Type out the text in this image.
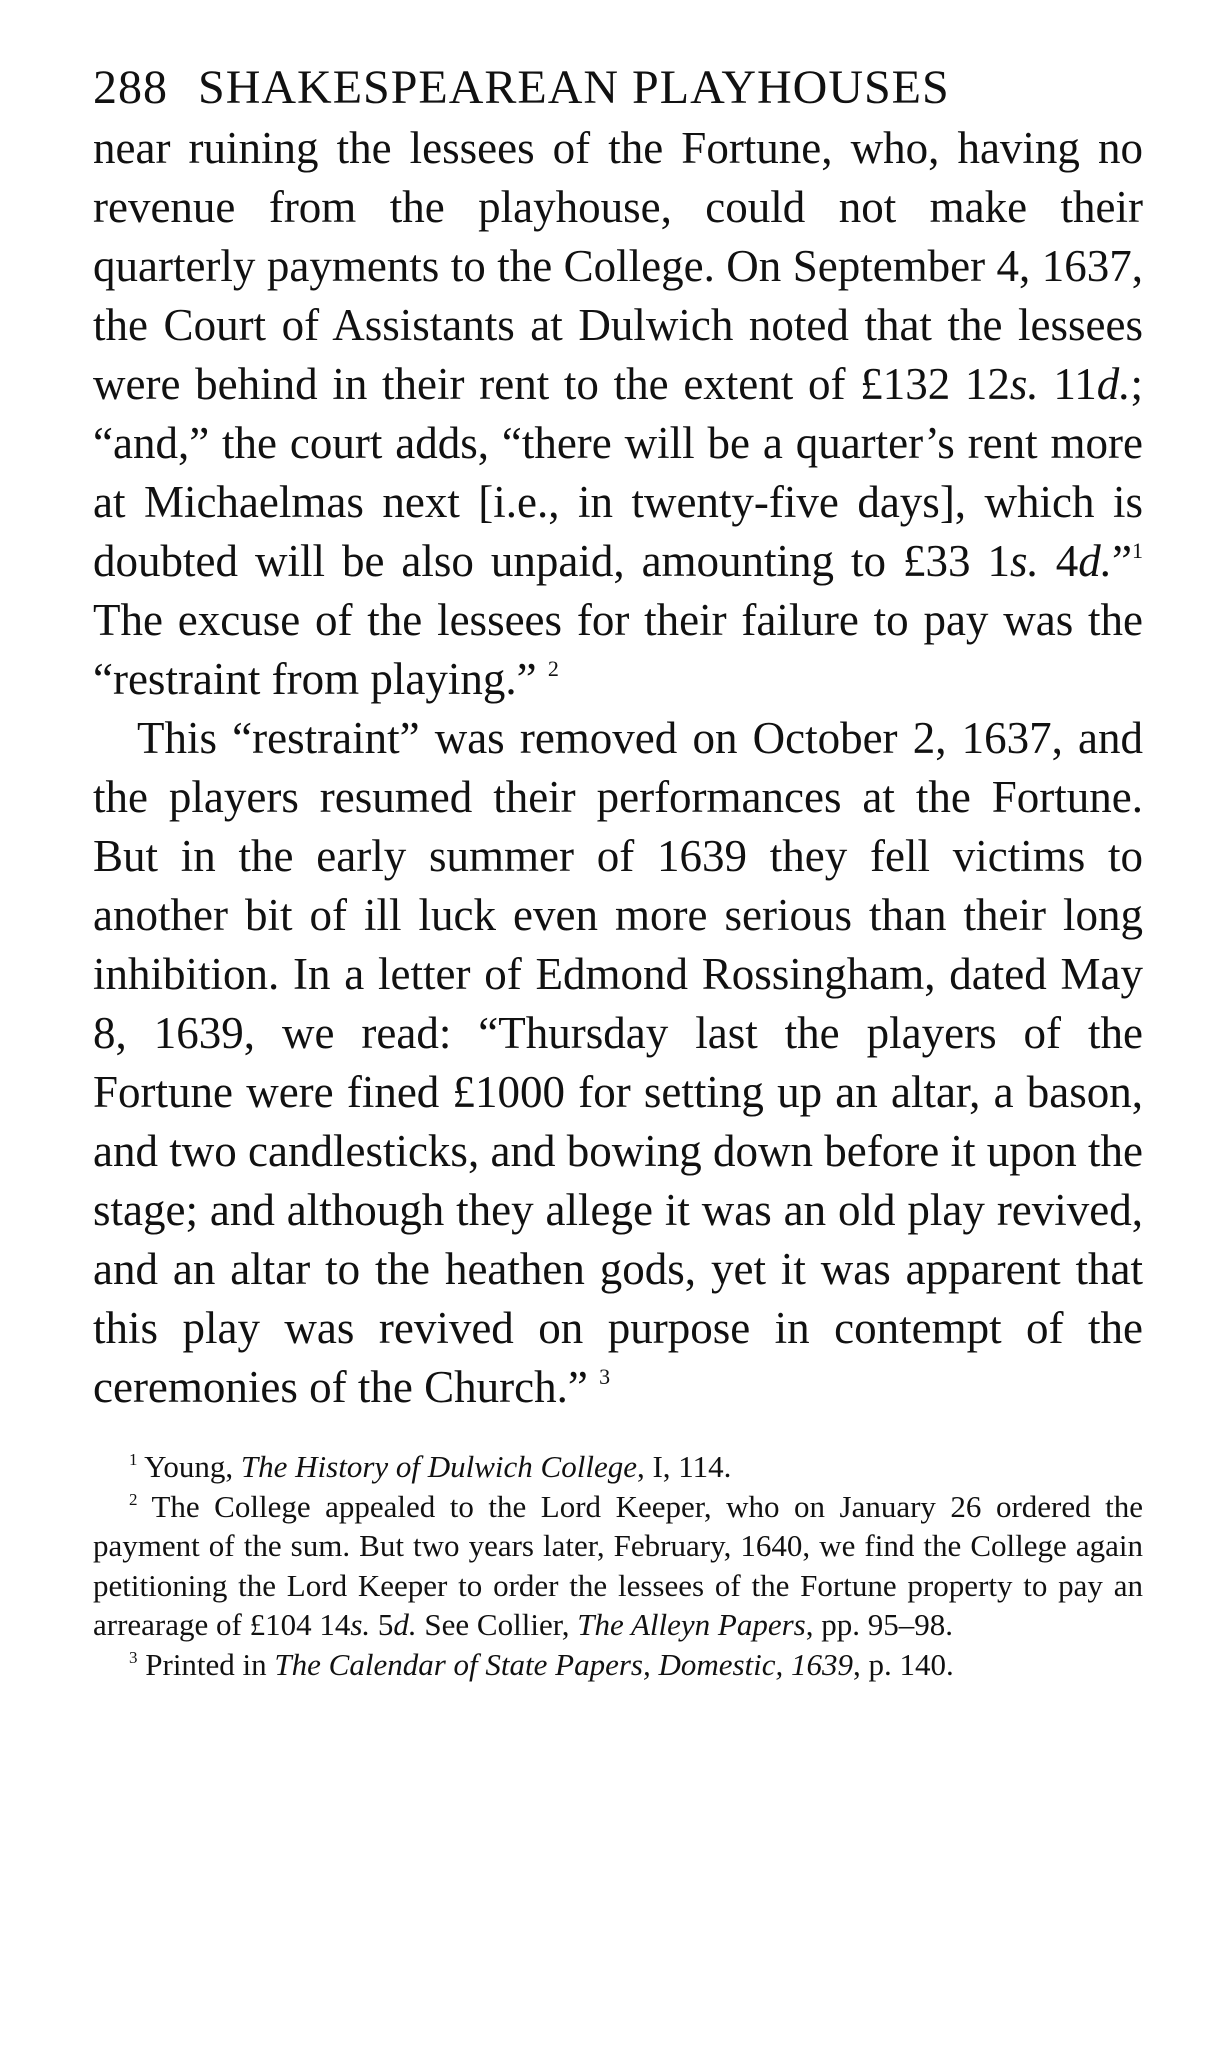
288 SHAKESPEAREAN PLAYHOUSES

near ruining the lessees of the Fortune, who, having no revenue from the playhouse, could not make their quarterly payments to the College. On September 4, 1637, the Court of Assistants at Dulwich noted that the lessees were behind in their rent to the extent of £132 12s. 11d.; “and,” the court adds, “there will be a quarter’s rent more at Michaelmas next [i.e., in twenty-five days], which is doubted will be also unpaid, amounting to £33 1s. 4d.”$^1$ The excuse of the lessees for their failure to pay was the “restraint from playing.” $^2$

This “restraint” was removed on October 2, 1637, and the players resumed their performances at the Fortune. But in the early summer of 1639 they fell victims to another bit of ill luck even more serious than their long inhibition. In a letter of Edmond Rossingham, dated May 8, 1639, we read: “Thursday last the players of the Fortune were fined £1000 for setting up an altar, a bason, and two candlesticks, and bowing down before it upon the stage; and although they allege it was an old play revived, and an altar to the heathen gods, yet it was apparent that this play was revived on purpose in contempt of the ceremonies of the Church.” $^3$

$^1$ Young, The History of Dulwich College, I, 114.

$^2$ The College appealed to the Lord Keeper, who on January 26 ordered the payment of the sum. But two years later, February, 1640, we find the College again petitioning the Lord Keeper to order the lessees of the Fortune property to pay an arrearage of £104 14s. 5d. See Collier, The Alleyn Papers, pp. 95–98.

$^3$ Printed in The Calendar of State Papers, Domestic, 1639, p. 140.
